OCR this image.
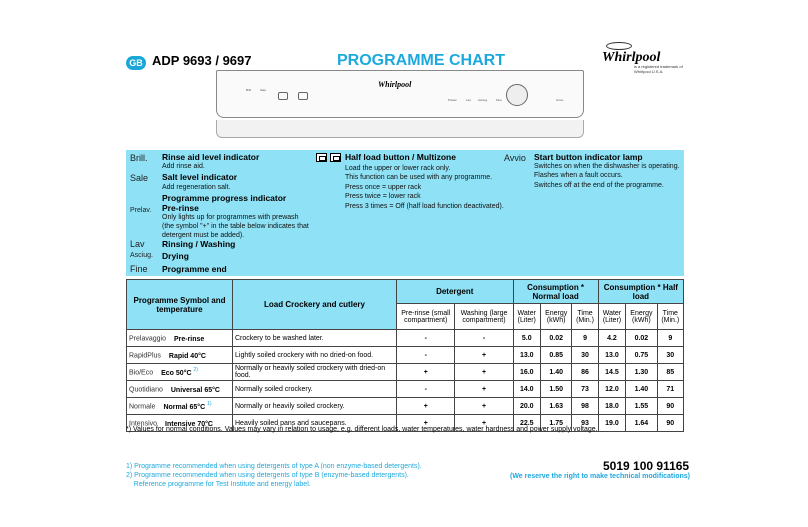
GB ADP 9693 / 9697	PROGRAMME CHART	Whirlpool
is a registered trademark of Whirlpool U.S.A.
Whirlpool
Brill.	Sale
Prelav.	Lav. Asciug.	Fine	Avvio
Brill. Rinse aid level indicator
Add rinse aid.
Sale Salt level indicator
Add regeneration salt.
Programme progress indicator
Prelav. Pre-rinse
Only lights up for programmes with prewash (the symbol "+" in the table below indicates that detergent must be added).
Lav Rinsing / Washing
Asciug. Drying
Fine Programme end
Half load button / Multizone
Load the upper or lower rack only.
This function can be used with any programme.
Press once = upper rack
Press twice = lower rack
Press 3 times = Off (half load function deactivated).
Avvio Start button indicator lamp
Switches on when the dishwasher is operating.
Flashes when a fault occurs.
Switches off at the end of the programme.
Programme Symbol and temperature	Load Crockery and cutlery	Detergent		Consumption * Normal load			Consumption * Half load		
		Pre-rinse (small compartment)	Washing (large compartment)	Water (Liter)	Energy (kWh)	Time (Min.)	Water (Liter)	Energy (kWh)	Time (Min.)
Prelavaggio Pre-rinse	Crockery to be washed later.	-	-	5.0	0.02	9	4.2	0.02	9
RapidPlus Rapid 40°C	Lightly soiled crockery with no dried-on food.	-	+	13.0	0.85	30	13.0	0.75	30
Bio/Eco Eco 50°C $^{2)}$	Normally or heavily soiled crockery with dried-on food.	+	+	16.0	1.40	86	14.5	1.30	85
Quotidiano Universal 65°C	Normally soiled crockery.	-	+	14.0	1.50	73	12.0	1.40	71
Normale Normal 65°C $^{1)}$	Normally or heavily soiled crockery.	+	+	20.0	1.63	98	18.0	1.55	90
Intensivo Intensive 70°C	Heavily soiled pans and saucepans.	+	+	22.5	1.75	93	19.0	1.64	90
*) Values for normal conditions. Values may vary in relation to usage, e.g. different loads, water temperatures, water hardness and power supply voltage.
1) Programme recommended when using detergents of type A (non enzyme-based detergents).
2) Programme recommended when using detergents of type B (enzyme-based detergents).
Reference programme for Test Institute and energy label.
5019 100 91165
(We reserve the right to make technical modifications)
